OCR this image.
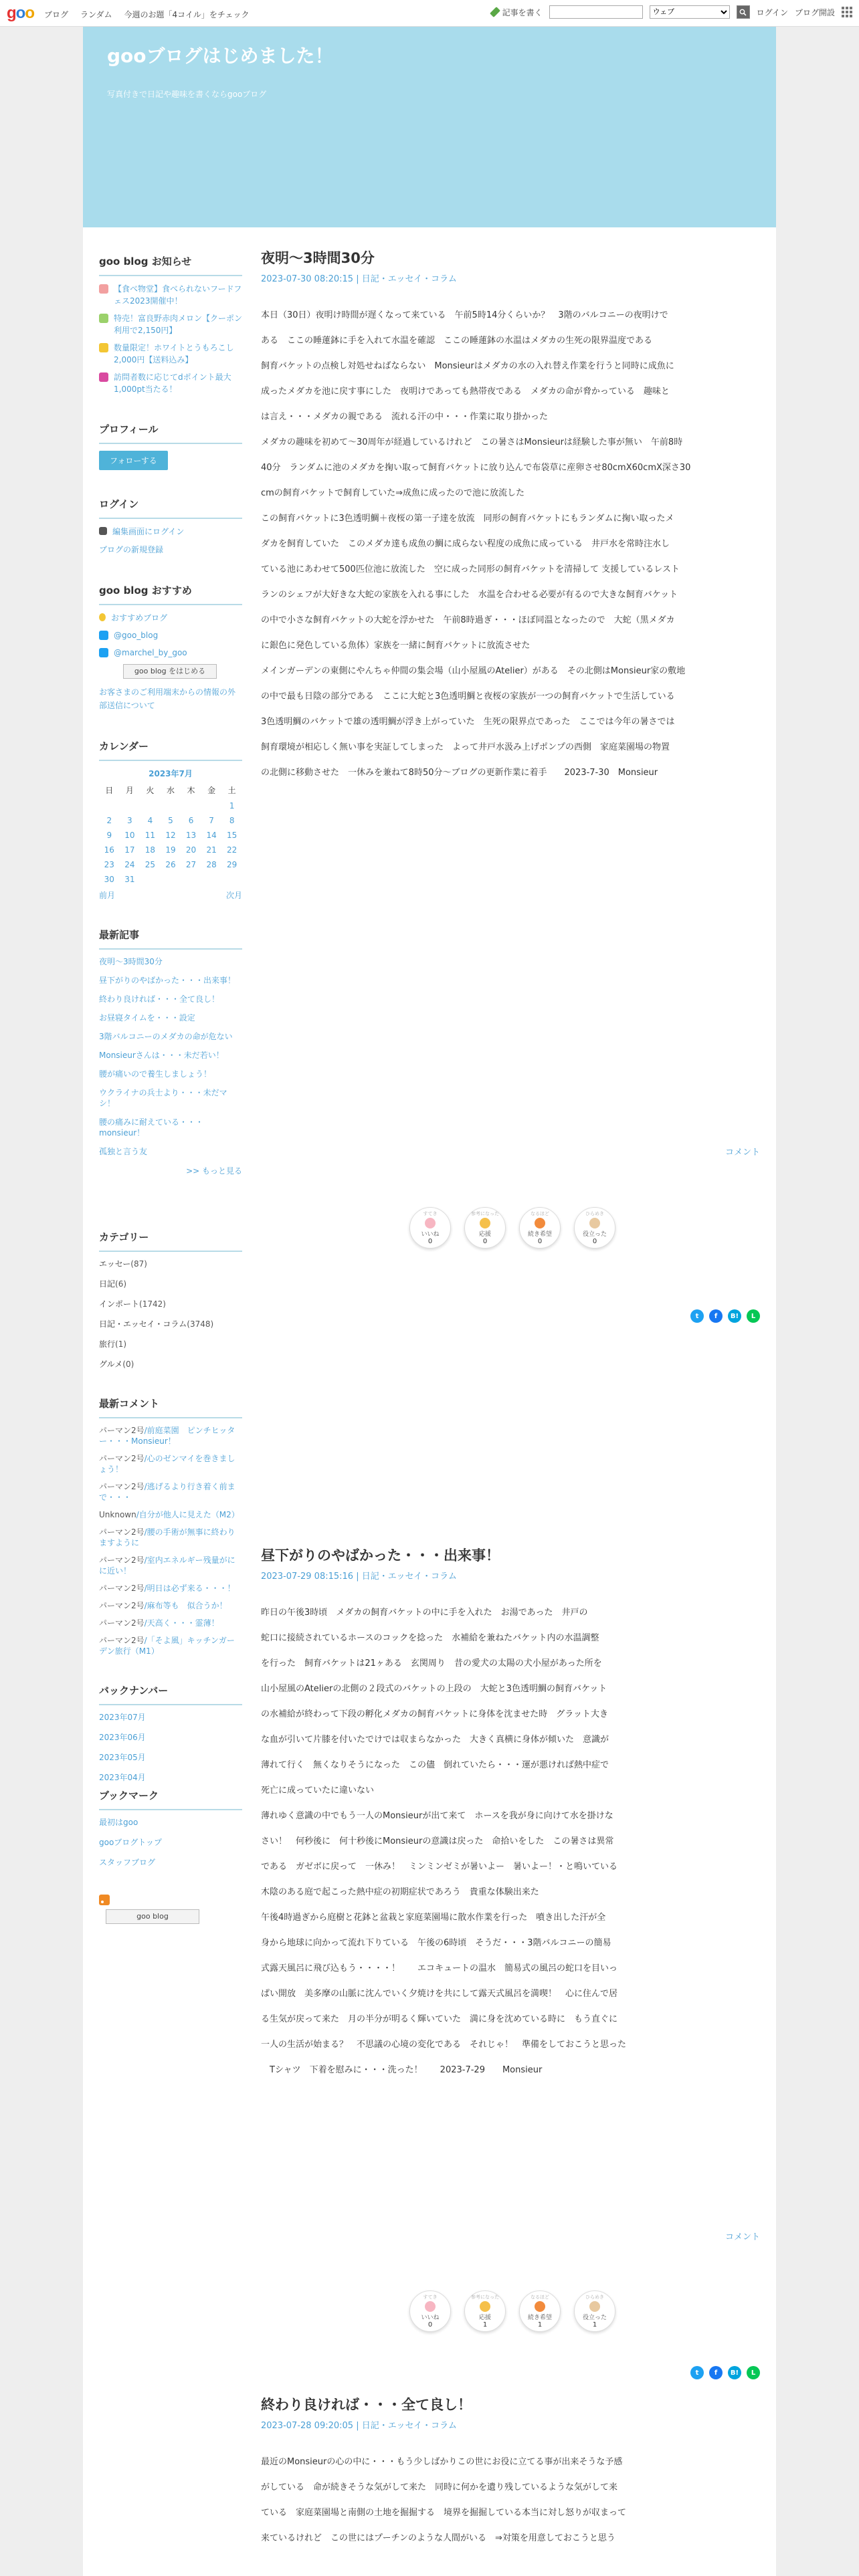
goo ブログ ランダム 今週のお題「4コイル」をチェック	記事を書く
ウェブ	ログイン ブログ開設
gooブログはじめました！
写真付きで日記や趣味を書くならgooブログ
goo blog お知らせ
【食べ物堂】食べられないフードフェス2023開催中！
特売！富良野赤肉メロン【クーポン利用で2,150円】
数量限定！ホワイトとうもろこし2,000円【送料込み】
訪問者数に応じてdポイント最大1,000pt当たる！
プロフィール
フォローする
ログイン
編集画面にログイン
ブログの新規登録
goo blog おすすめ
おすすめブログ
@goo_blog
@marchel_by_goo
goo blog をはじめる
お客さまのご利用端末からの情報の外部送信について
カレンダー
2023年7月
日	月	火	水	木	金	土
						1
2	3	4	5	6	7	8
9	10	11	12	13	14	15
16	17	18	19	20	21	22
23	24	25	26	27	28	29
30	31					
前月	次月
最新記事
夜明〜3時間30分
昼下がりのやばかった・・・出来事！
終わり良ければ・・・全て良し！
お昼寝タイムを・・・設定
3階バルコニーのメダカの命が危ない
Monsieurさんは・・・未だ若い！
腰が痛いので養生しましょう！
ウクライナの兵士より・・・未だマシ！
腰の痛みに耐えている・・・monsieur！
孤独と言う友
>> もっと見る
カテゴリー
エッセー(87)
日記(6)
インポート(1742)
日記・エッセイ・コラム(3748)
旅行(1)
グルメ(0)
最新コメント
パーマン2号/前庭菜園　ピンチヒッター・・・Monsieur！
パーマン2号/心のゼンマイを巻きましょう！
パーマン2号/逃げるより行き着く前まで・・・
Unknown/自分が他人に見えた（M2）
パーマン2号/腰の手術が無事に終わりますように
パーマン2号/室内エネルギー残量がにに近い！
パーマン2号/明日は必ず来る・・・！
パーマン2号/麻布等も　似合うか！
パーマン2号/天高く・・・霊薄！
パーマン2号/「そよ風」キッチンガーデン旅行（M1）
バックナンバー
2023年07月
2023年06月
2023年05月
2023年04月
ブックマーク
最初はgoo
gooブログトップ
スタッフブログ
goo blog
夜明〜3時間30分
2023-07-30 08:20:15 | 日記・エッセイ・コラム

本日（30日）夜明け時間が遅くなって来ている　午前5時14分くらいか？　3階のバルコニーの夜明けで

ある　ここの睡蓮鉢に手を入れて水温を確認　ここの睡蓮鉢の水温はメダカの生死の限界温度である

飼育バケットの点検し対処せねばならない　Monsieurはメダカの水の入れ替え作業を行うと同時に成魚に

成ったメダカを池に戻す事にした　夜明けであっても熱帯夜である　メダカの命が脅かっている　趣味と

は言え・・・メダカの親である　流れる汗の中・・・作業に取り掛かった

メダカの趣味を初めて〜30周年が経過しているけれど　この暑さはMonsieurは経験した事が無い　午前8時

40分　ランダムに池のメダカを掬い取って飼育バケットに放り込んで布袋草に産卵させ80cmX60cmX深さ30

cmの飼育バケットで飼育していた⇒成魚に成ったので池に放流した

この飼育バケットに3色透明鯛＋夜桜の第一子達を放流　同形の飼育バケットにもランダムに掬い取ったメ

ダカを飼育していた　このメダカ達も成魚の鯛に成らない程度の成魚に成っている　井戸水を常時注水し

ている池にあわせて500匹位池に放流した　空に成った同形の飼育バケットを清掃して 支援しているレスト

ランのシェフが大好きな大蛇の家族を入れる事にした　水温を合わせる必要が有るので大きな飼育バケット

の中で小さな飼育バケットの大蛇を浮かせた　午前8時過ぎ・・・ほぼ同温となったので　大蛇（黒メダカ

に銀色に発色している魚体）家族を一緒に飼育バケットに放流させた

メインガーデンの東側にやんちゃ仲間の集会場（山小屋風のAtelier）がある　その北側はMonsieur家の敷地

の中で最も日陰の部分である　ここに大蛇と3色透明鯛と夜桜の家族が一つの飼育バケットで生活している

3色透明鯛のバケットで雄の透明鯛が浮き上がっていた　生死の限界点であった　ここでは今年の暑さでは

飼育環境が相応しく無い事を実証してしまった　よって井戸水汲み上げポンプの西側　家庭菜園場の物置

の北側に移動させた　一休みを兼ねて8時50分〜ブログの更新作業に着手　　2023-7-30　Monsieur

コメント
すてき
いいね
0
参考になった
応援
0
なるほど
続き希望
0
ひらめき
役立った
0
t	f	B!	L
昼下がりのやばかった・・・出来事！
2023-07-29 08:15:16 | 日記・エッセイ・コラム

昨日の午後3時頃　メダカの飼育バケットの中に手を入れた　お湯であった　井戸の

蛇口に接続されているホースのコックを捻った　水補給を兼ねたバケット内の水温調整

を行った　飼育バケットは21ヶある　玄関周り　昔の愛犬の太陽の犬小屋があった所を

山小屋風のAtelierの北側の２段式のバケットの上段の　大蛇と3色透明鯛の飼育バケット

の水補給が終わって下段の孵化メダカの飼育バケットに身体を沈ませた時　グラット大き

な血が引いて片膝を付いたでけでは収まらなかった　大きく真横に身体が傾いた　意識が

薄れて行く　無くなりそうになった　この儘　倒れていたら・・・運が悪ければ熱中症で

死亡に成っていたに違いない

薄れゆく意識の中でもう一人のMonsieurが出て来て　ホースを我が身に向けて水を掛けな

さい！　何秒後に　何十秒後にMonsieurの意識は戻った　命拾いをした　この暑さは異常

である　ガゼボに戻って　一休み！　ミンミンゼミが暑いよー　暑いよー！・と鳴いている

木陰のある庭で起こった熱中症の初期症状であろう　貴重な体験出来た

午後4時過ぎから庭樹と花鉢と盆栽と家庭菜園場に散水作業を行った　噴き出した汗が全

身から地球に向かって流れ下りている　午後の6時頃　そうだ・・・3階バルコニーの簡易

式露天風呂に飛び込もう・・・・！　　エコキュートの温水　簡易式の風呂の蛇口を目いっ

ぱい開放　美多摩の山脈に沈んでいく夕焼けを共にして露天式風呂を満喫！　心に住んで居

る生気が戻って来た　月の半分が明るく輝いていた　満に身を沈めている時に　もう直ぐに

一人の生活が始まる？　不思議の心境の変化である　それじゃ！　準備をしておこうと思った

　Tシャツ　下着を慰みに・・・洗った！　　2023-7-29　　Monsieur

コメント
すてき
いいね
0
参考になった
応援
1
なるほど
続き希望
1
ひらめき
役立った
1
t	f	B!	L
終わり良ければ・・・全て良し！
2023-07-28 09:20:05 | 日記・エッセイ・コラム

最近のMonsieurの心の中に・・・もう少しばかりこの世にお役に立てる事が出来そうな予感

がしている　命が続きそうな気がして来た　同時に何かを遺り残しているような気がして来

ている　家庭菜園場と南側の土地を掘掘する　境界を掘掘している本当に対し怒りが収まって

来ているけれど　この世にはプーチンのような人間がいる　⇒対策を用意しておこうと思う
